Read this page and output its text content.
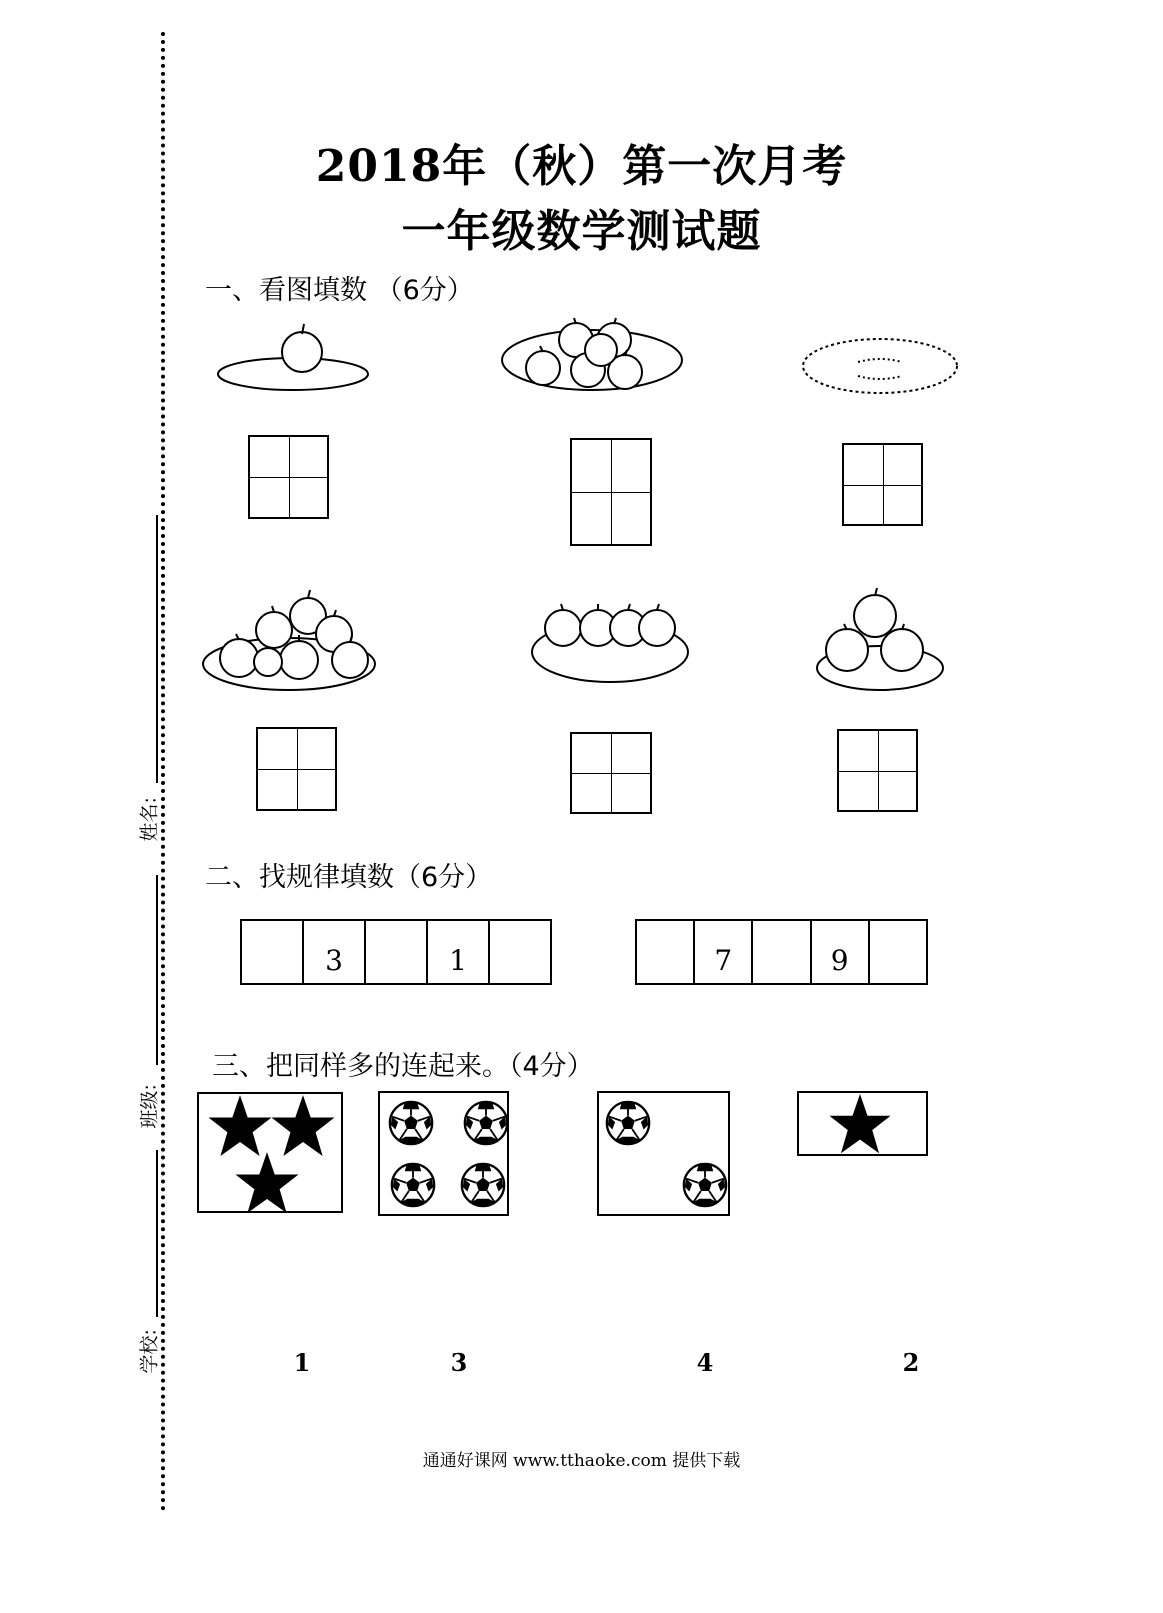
姓名:
班级:
学校:
2018年（秋）第一次月考
一年级数学测试题
一、看图填数 （6分）
二、找规律填数（6分）
3	1	7	9
三、把同样多的连起来。（4分）
1	3	4	2
通通好课网 www.tthaoke.com 提供下载
